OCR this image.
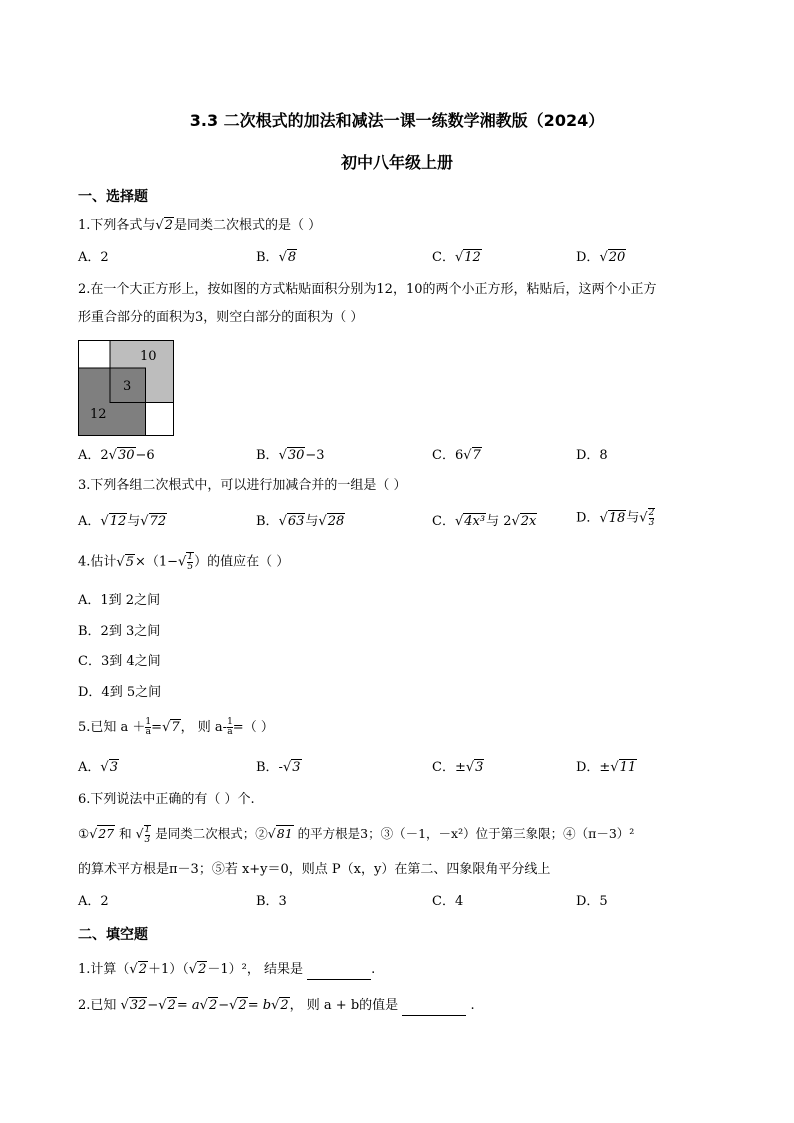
3.3 二次根式的加法和减法一课一练数学湘教版（2024）
初中八年级上册
一、选择题
1.下列各式与√2是同类二次根式的是（ ）
A．2	B．√8	C．√12	D．√20
2.在一个大正方形上，按如图的方式粘贴面积分别为12，10的两个小正方形，粘贴后，这两个小正方
形重合部分的面积为3，则空白部分的面积为（ ）
10
3
12
A．2√30−6	B．√30−3	C．6√7	D．8
3.下列各组二次根式中，可以进行加减合并的一组是（ ）
A．√12与√72	B．√63与√28	C．√4x³与 2√2x	D．√18与√ $\frac{2}{3}$
4.估计$√5\times(1-√ \frac{1}{5}$ ）的值应在（ ）
A．1到 2之间
B．2到 3之间
C．3到 4之间
D．4到 5之间
5.已知 $a + \frac{1}{a} =√7$， 则 $a- \frac{1}{a}$ =（ ）
A．√3	B．-√3	C．±√3	D．±√11
6.下列说法中正确的有（ ）个.
①√27 和 √ $\frac{1}{3}$ 是同类二次根式；②√81 的平方根是3；③（－1，－x²）位于第三象限；④（π－3）²
的算术平方根是π－3；⑤若 x+y＝0，则点 P（x，y）在第二、四象限角平分线上
A．2	B．3	C．4	D．5
二、填空题
1.计算（√2＋1）（√2－1）²， 结果是	.
2.已知 √32−√2= a√2−√2= b√2， 则 a + b的值是	.
